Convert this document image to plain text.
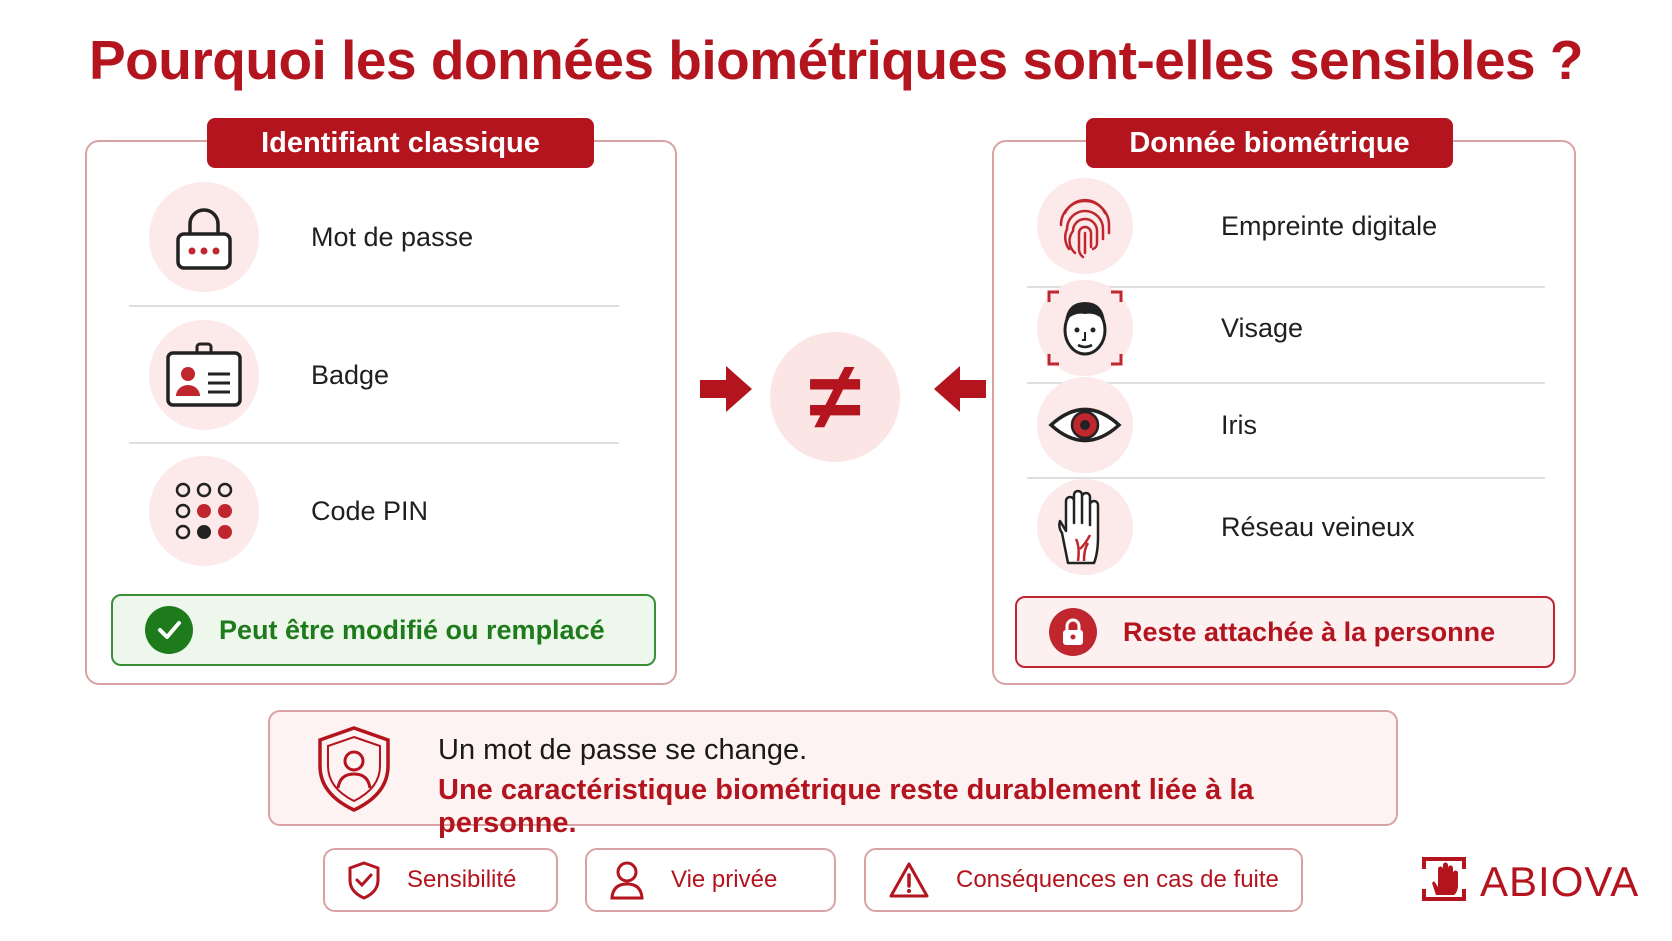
Pourquoi les données biométriques sont-elles sensibles ?
Identifiant classique
Mot de passe
Badge
Code PIN
Peut être modifié ou remplacé
≠
Donnée biométrique
Empreinte digitale
Visage
Iris
Réseau veineux
Reste attachée à la personne
Un mot de passe se change.
Une caractéristique biométrique reste durablement liée à la personne.
Sensibilité	Vie privée	Conséquences en cas de fuite	ABIOVA
